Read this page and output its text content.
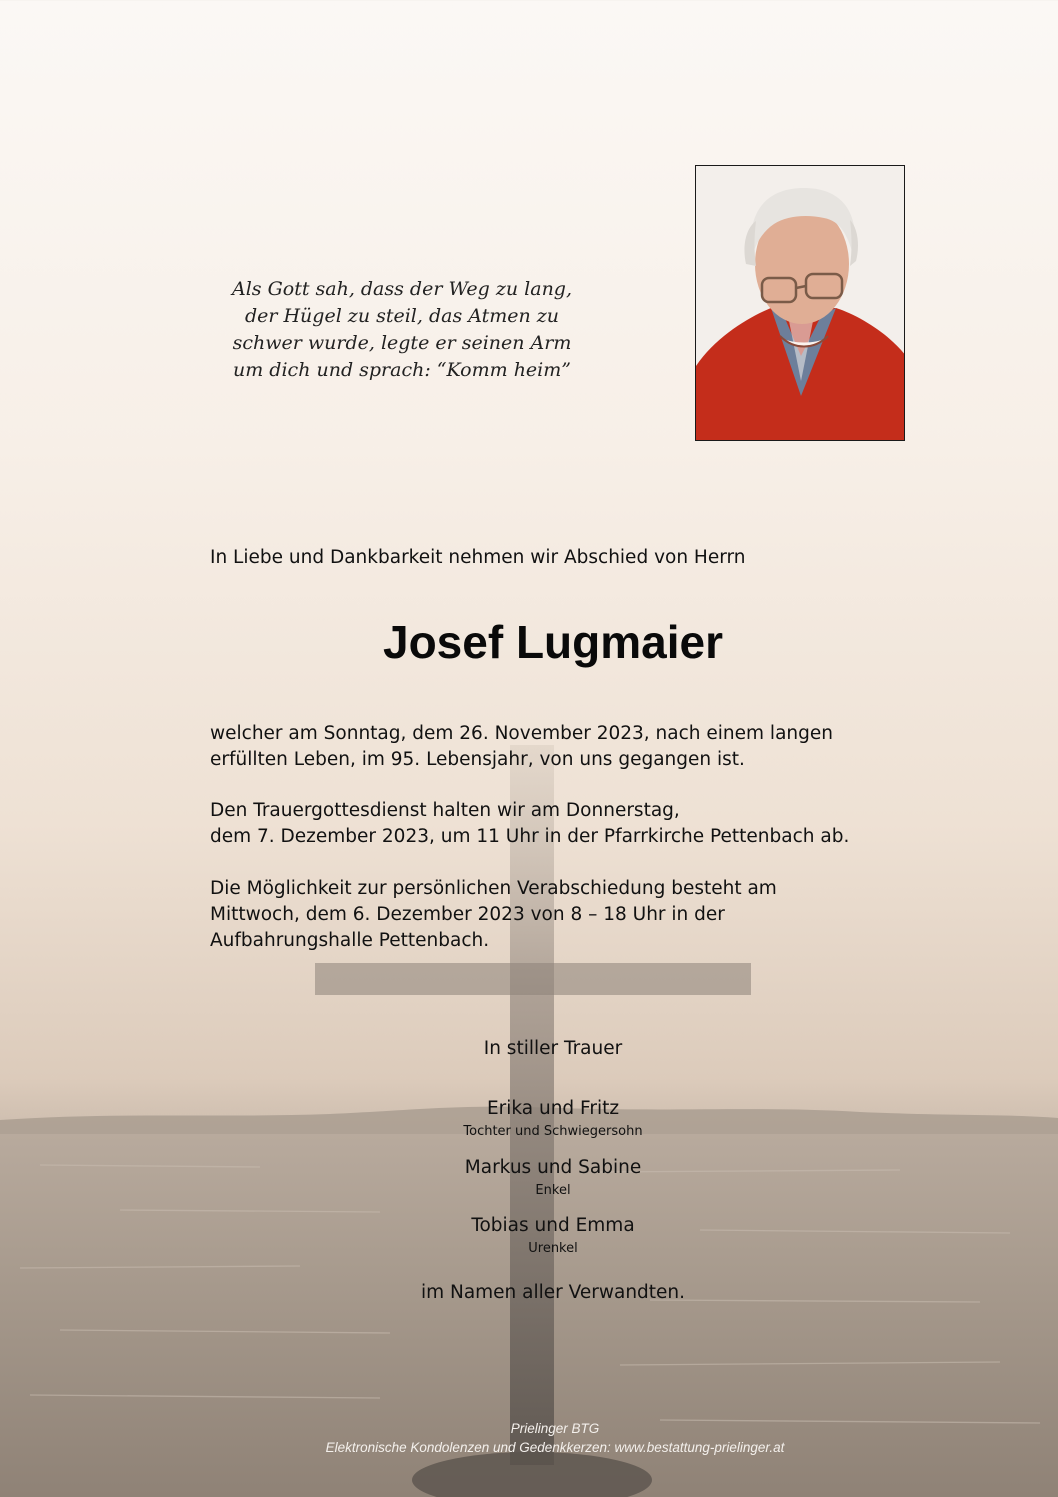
Als Gott sah, dass der Weg zu lang,
der Hügel zu steil, das Atmen zu
schwer wurde, legte er seinen Arm
um dich und sprach: “Komm heim”
In Liebe und Dankbarkeit nehmen wir Abschied von Herrn
Josef Lugmaier
welcher am Sonntag, dem 26. November 2023, nach einem langen
erfüllten Leben, im 95. Lebensjahr, von uns gegangen ist.
Den Trauergottesdienst halten wir am Donnerstag,
dem 7. Dezember 2023, um 11 Uhr in der Pfarrkirche Pettenbach ab.
Die Möglichkeit zur persönlichen Verabschiedung besteht am
Mittwoch, dem 6. Dezember 2023 von 8 – 18 Uhr in der
Aufbahrungshalle Pettenbach.
In stiller Trauer
Erika und Fritz
Tochter und Schwiegersohn
Markus und Sabine
Enkel
Tobias und Emma
Urenkel
im Namen aller Verwandten.
Prielinger BTG
Elektronische Kondolenzen und Gedenkkerzen: www.bestattung-prielinger.at
